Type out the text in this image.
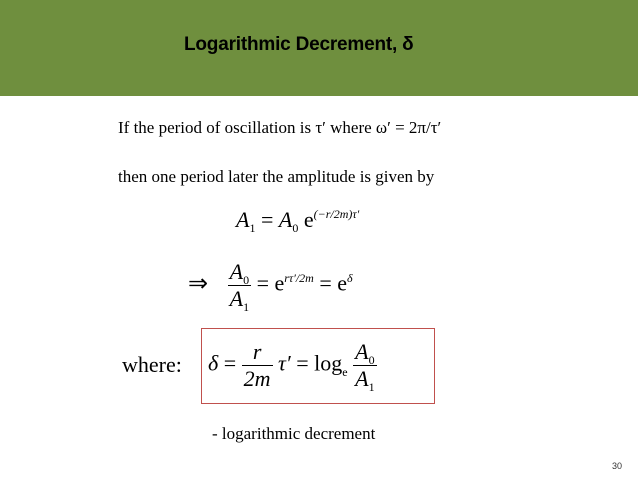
Logarithmic Decrement, δ
If the period of oscillation is τ′ where ω′ = 2π/τ′
then one period later the amplitude is given by
$A_1 = A_0$ $e^{(-r/2m)\tau'}$
⇒ $\frac{A_0}{A_1} = e^{r\tau'/2m} = e^\delta$
where: $\delta = \frac{r}{2m} \tau' = \log_e \frac{A_0}{A_1}$
- logarithmic decrement
30
